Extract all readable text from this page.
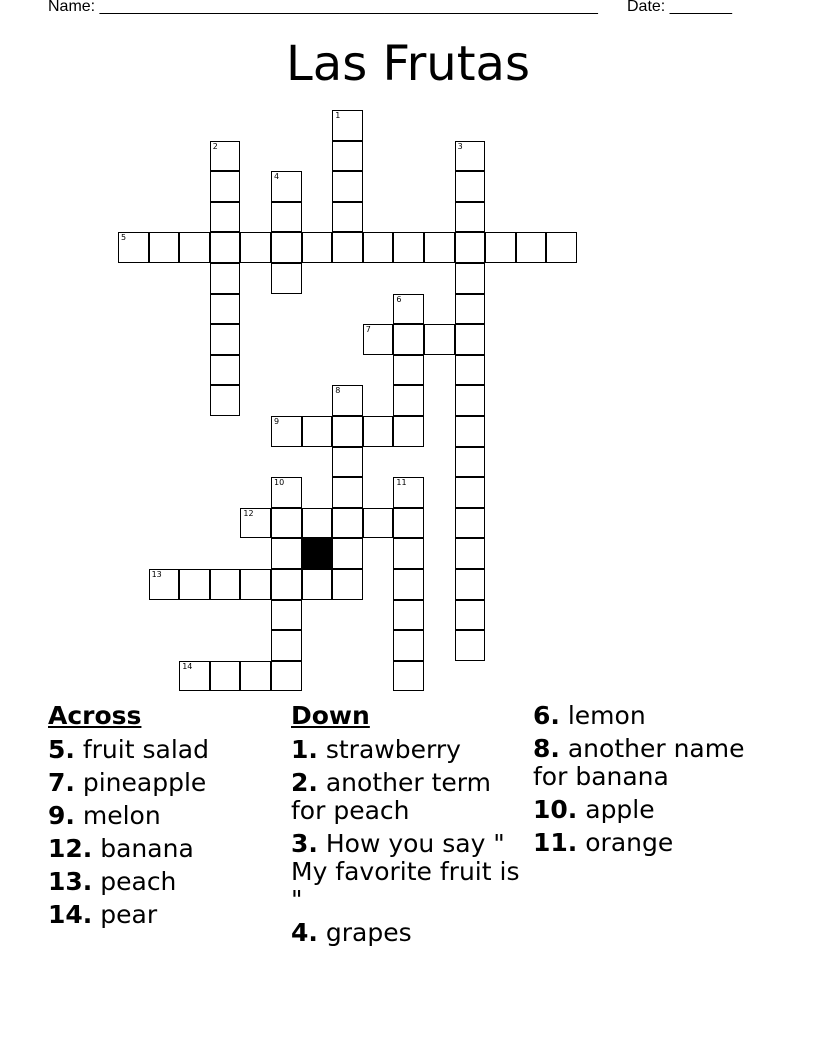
Name: ________________________________________________________ Date: _______
Las Frutas
5
7
9
12
13
14
1
2	3
4
6
8
10	11
Across
5. fruit salad
7. pineapple
9. melon
12. banana
13. peach
14. pear
Down
1. strawberry
2. another term for peach
3. How you say " My favorite fruit is "
4. grapes
6. lemon
8. another name for banana
10. apple
11. orange
